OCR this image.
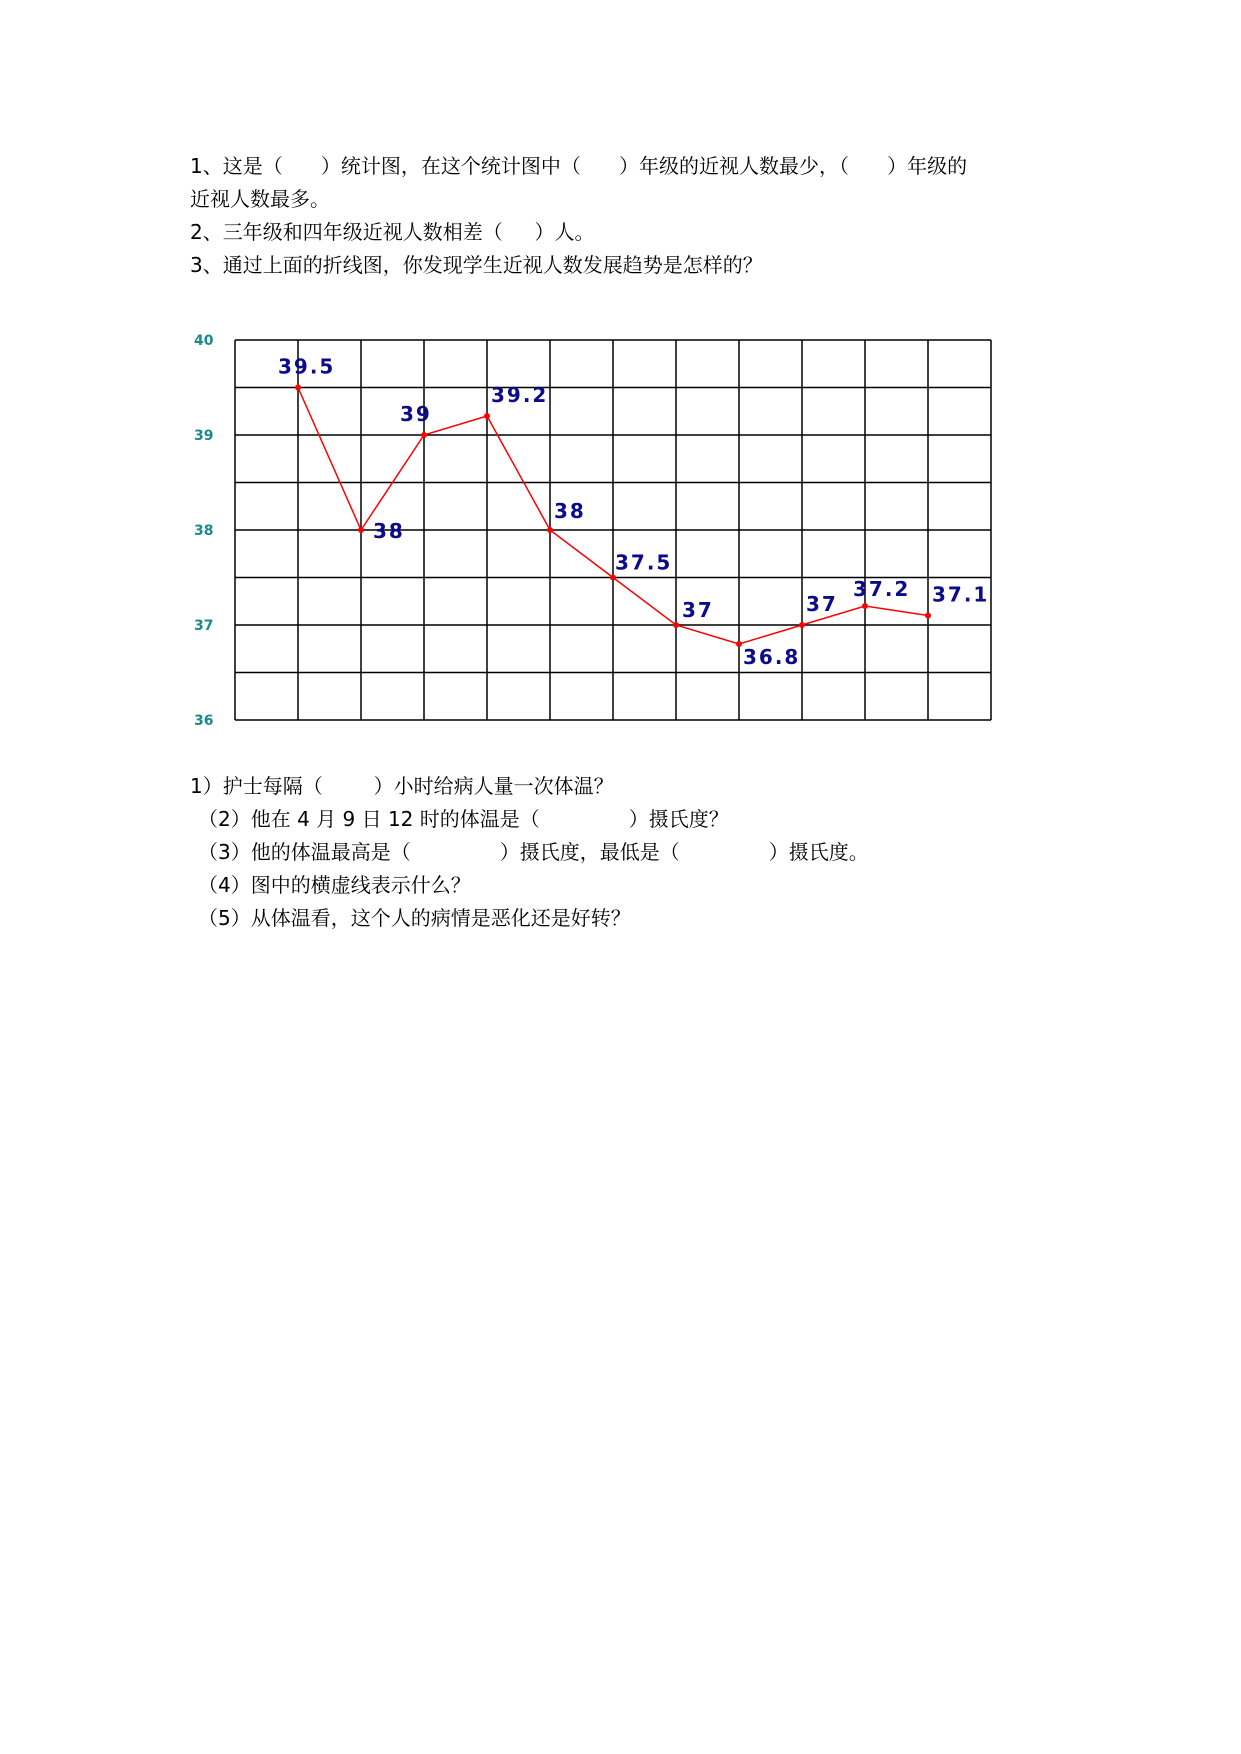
1、这是（      ）统计图，在这个统计图中（      ）年级的近视人数最少，（      ）年级的
近视人数最多。
2、三年级和四年级近视人数相差（     ）人。
3、通过上面的折线图，你发现学生近视人数发展趋势是怎样的？
40
39
38
37
36
39.5
38
39
39.2
38
37.5
37
36.8
37
37.2 37.1
1）护士每隔（        ）小时给病人量一次体温？
（2）他在 4 月 9 日 12 时的体温是（              ）摄氏度？
（3）他的体温最高是（              ）摄氏度，最低是（              ）摄氏度。
（4）图中的横虚线表示什么？
（5）从体温看，这个人的病情是恶化还是好转？
